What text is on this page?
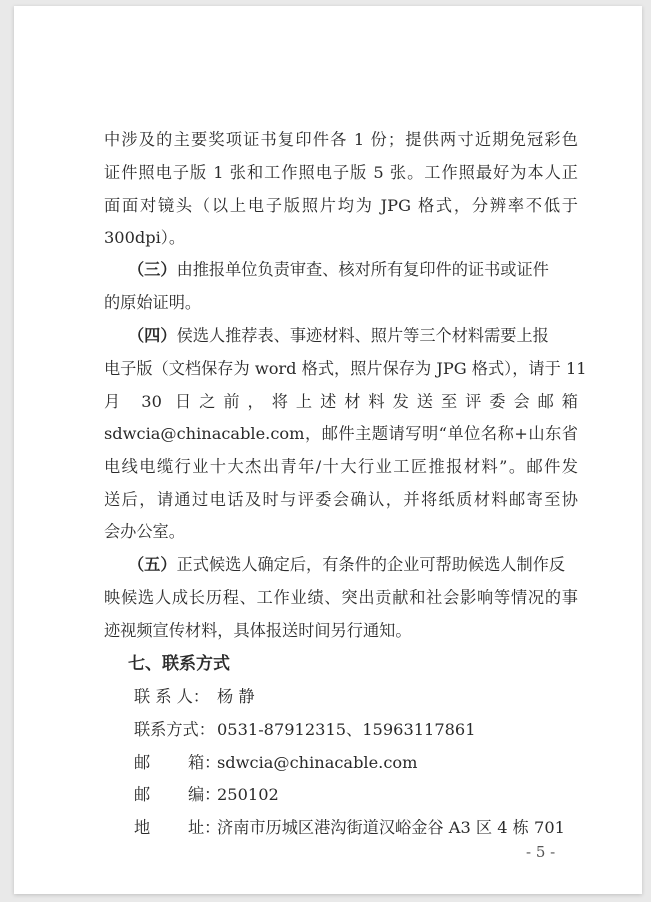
中涉及的主要奖项证书复印件各 1 份；提供两寸近期免冠彩色
证件照电子版 1 张和工作照电子版 5 张。工作照最好为本人正
面面对镜头（以上电子版照片均为 JPG 格式，分辨率不低于
300dpi）。
（三）由推报单位负责审查、核对所有复印件的证书或证件
的原始证明。
（四）侯选人推荐表、事迹材料、照片等三个材料需要上报
电子版（文档保存为 word 格式，照片保存为 JPG 格式），请于 11
月 30 日之前，将上述材料发送至评委会邮箱
sdwcia@chinacable.com，邮件主题请写明“单位名称+山东省
电线电缆行业十大杰出青年/十大行业工匠推报材料”。邮件发
送后，请通过电话及时与评委会确认，并将纸质材料邮寄至协
会办公室。
（五）正式候选人确定后，有条件的企业可帮助候选人制作反
映候选人成长历程、工作业绩、突出贡献和社会影响等情况的事
迹视频宣传材料，具体报送时间另行通知。
七、联系方式
联 系 人： 杨 静
联系方式： 0531-87912315、15963117861
邮 箱：
sdwcia@chinacable.com
邮 编：
250102
地 址：
济南市历城区港沟街道汉峪金谷 A3 区 4 栋 701
- 5 -
